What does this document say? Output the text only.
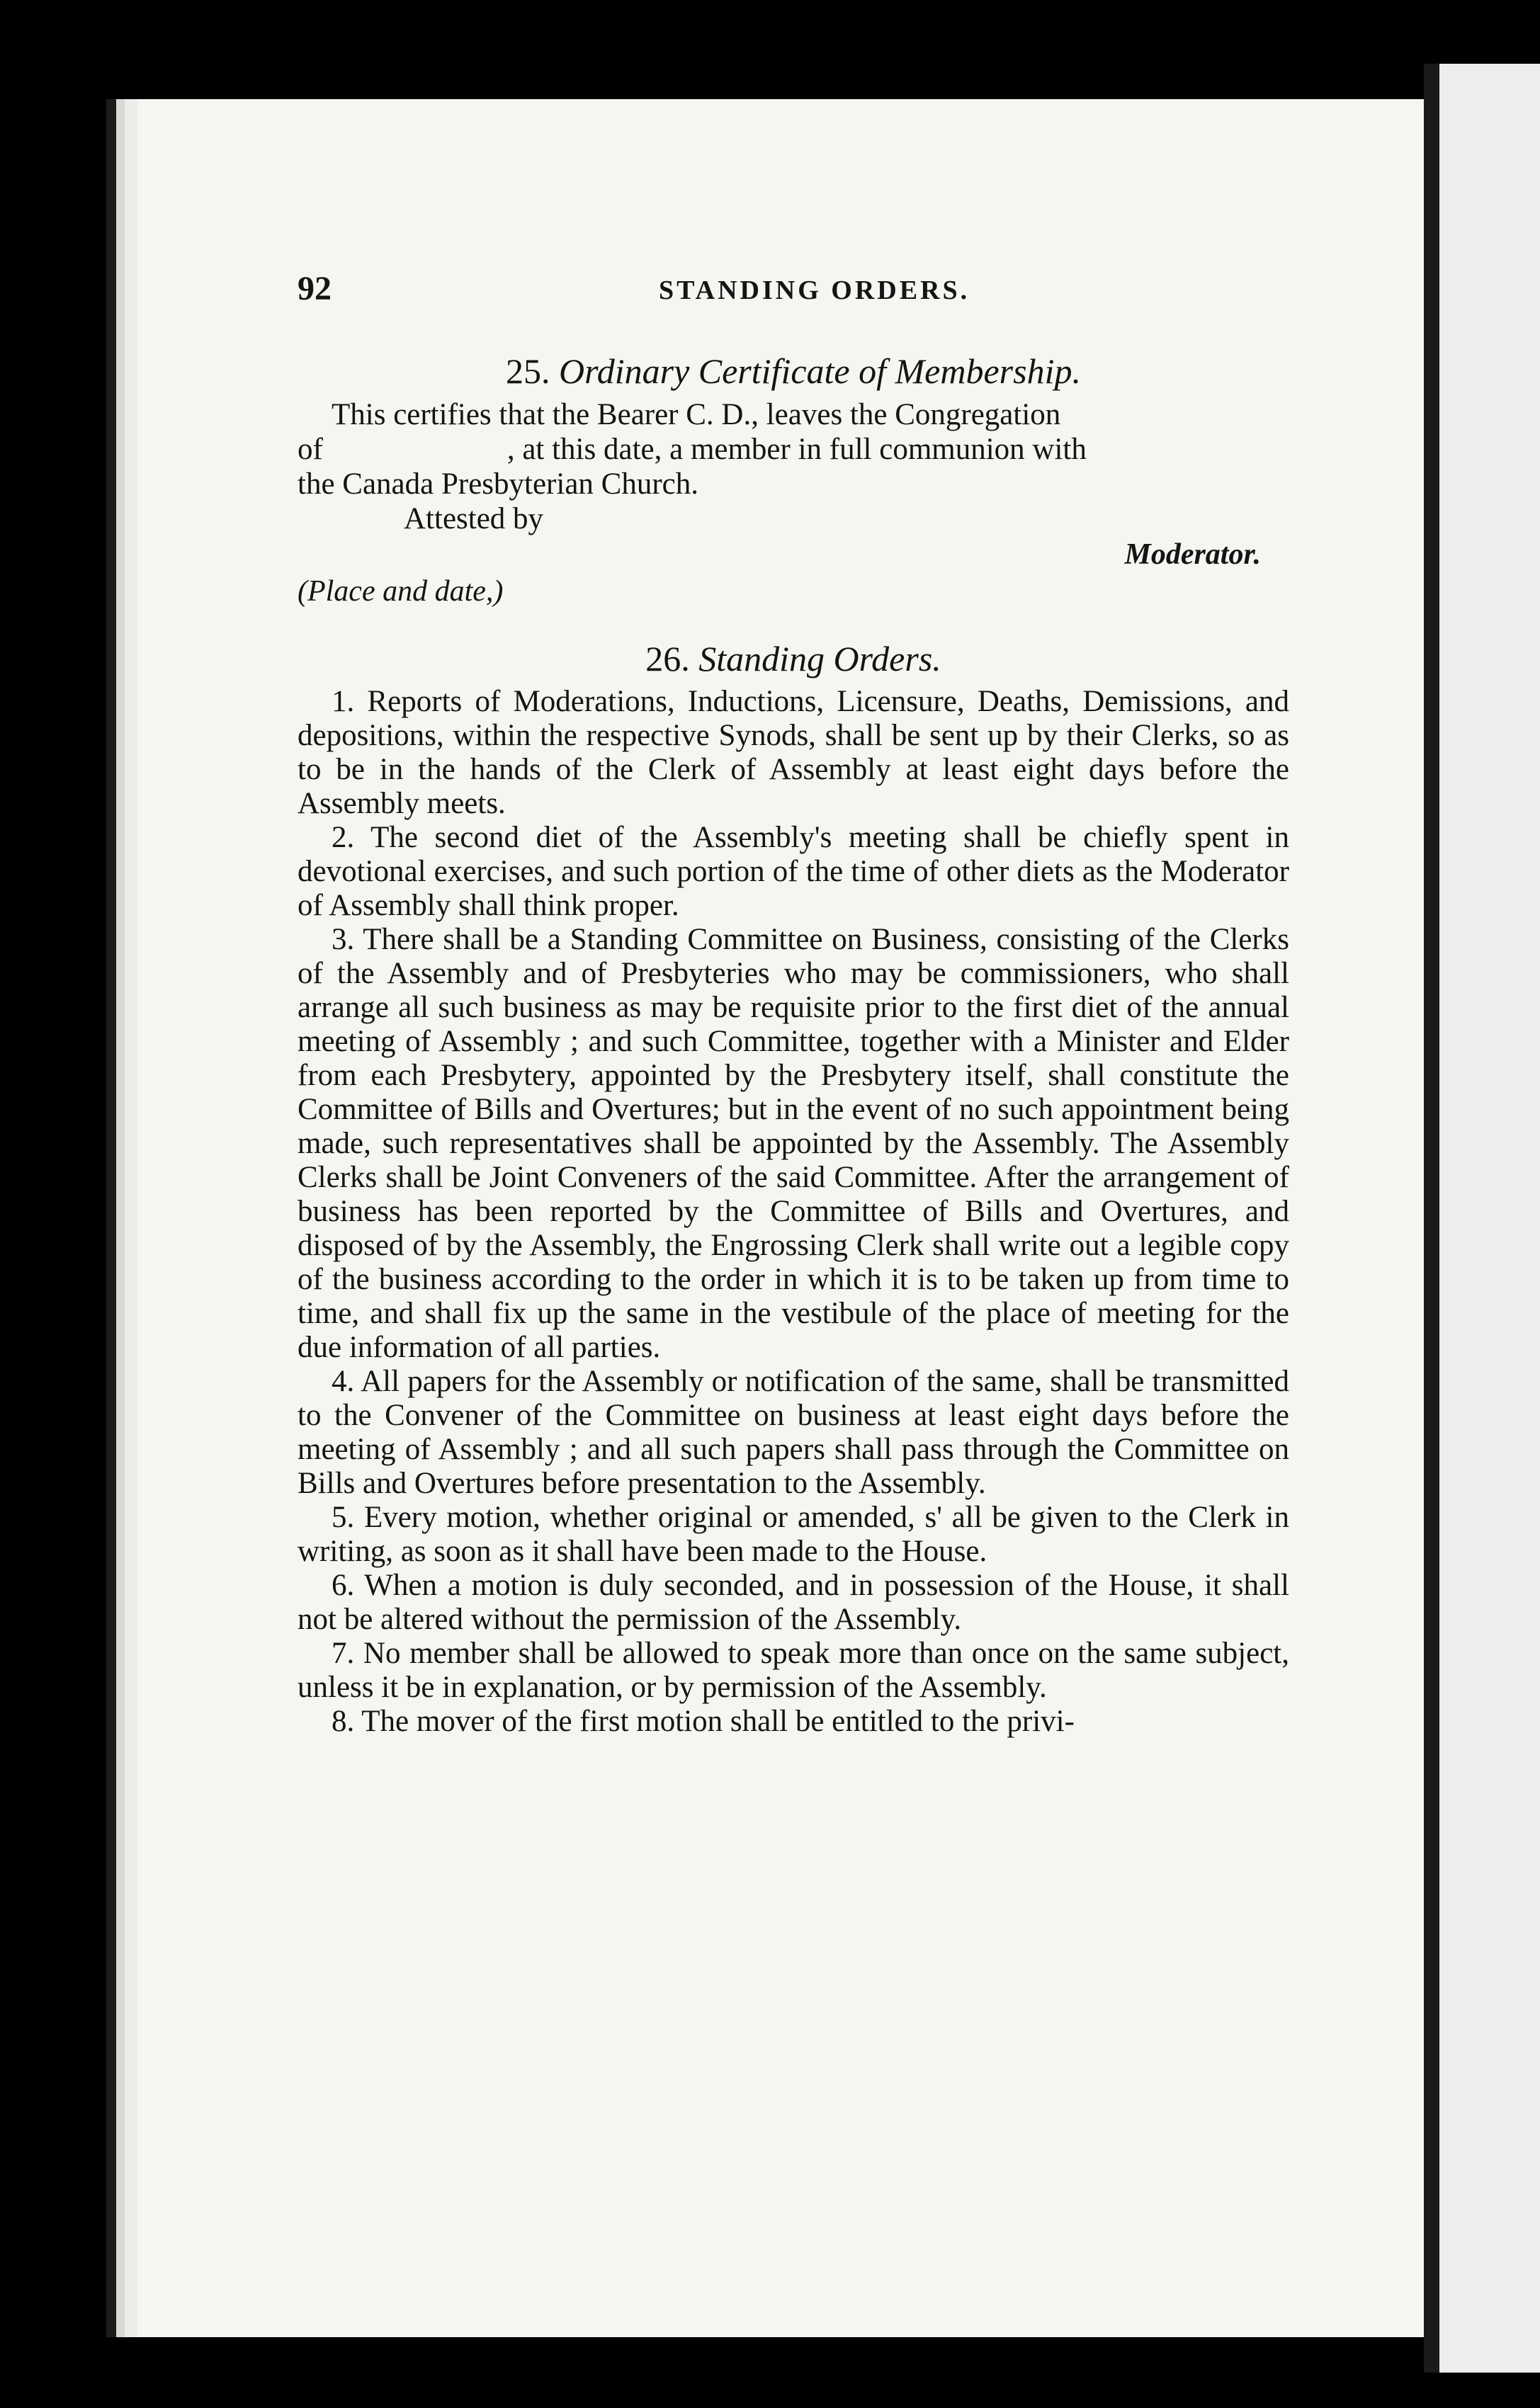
92	STANDING ORDERS.
25. Ordinary Certificate of Membership.

This certifies that the Bearer C. D., leaves the Congregation

of	, at this date, a member in full communion with

the Canada Presbyterian Church.

Attested by
Moderator.
(Place and date,)
26. Standing Orders.

1. Reports of Moderations, Inductions, Licensure, Deaths, Demissions, and depositions, within the respective Synods, shall be sent up by their Clerks, so as to be in the hands of the Clerk of Assembly at least eight days before the Assembly meets.

2. The second diet of the Assembly's meeting shall be chiefly spent in devotional exercises, and such portion of the time of other diets as the Moderator of Assembly shall think proper.

3. There shall be a Standing Committee on Business, consisting of the Clerks of the Assembly and of Presbyteries who may be commissioners, who shall arrange all such business as may be requisite prior to the first diet of the annual meeting of Assembly ; and such Committee, together with a Minister and Elder from each Presbytery, appointed by the Presbytery itself, shall constitute the Committee of Bills and Overtures; but in the event of no such appointment being made, such representatives shall be appointed by the Assembly. The Assembly Clerks shall be Joint Conveners of the said Committee. After the arrangement of business has been reported by the Committee of Bills and Overtures, and disposed of by the Assembly, the Engrossing Clerk shall write out a legible copy of the business according to the order in which it is to be taken up from time to time, and shall fix up the same in the vestibule of the place of meeting for the due information of all parties.

4. All papers for the Assembly or notification of the same, shall be transmitted to the Convener of the Committee on business at least eight days before the meeting of Assembly ; and all such papers shall pass through the Committee on Bills and Overtures before presentation to the Assembly.

5. Every motion, whether original or amended, s' all be given to the Clerk in writing, as soon as it shall have been made to the House.

6. When a motion is duly seconded, and in possession of the House, it shall not be altered without the permission of the Assembly.

7. No member shall be allowed to speak more than once on the same subject, unless it be in explanation, or by permission of the Assembly.

8. The mover of the first motion shall be entitled to the privi-
